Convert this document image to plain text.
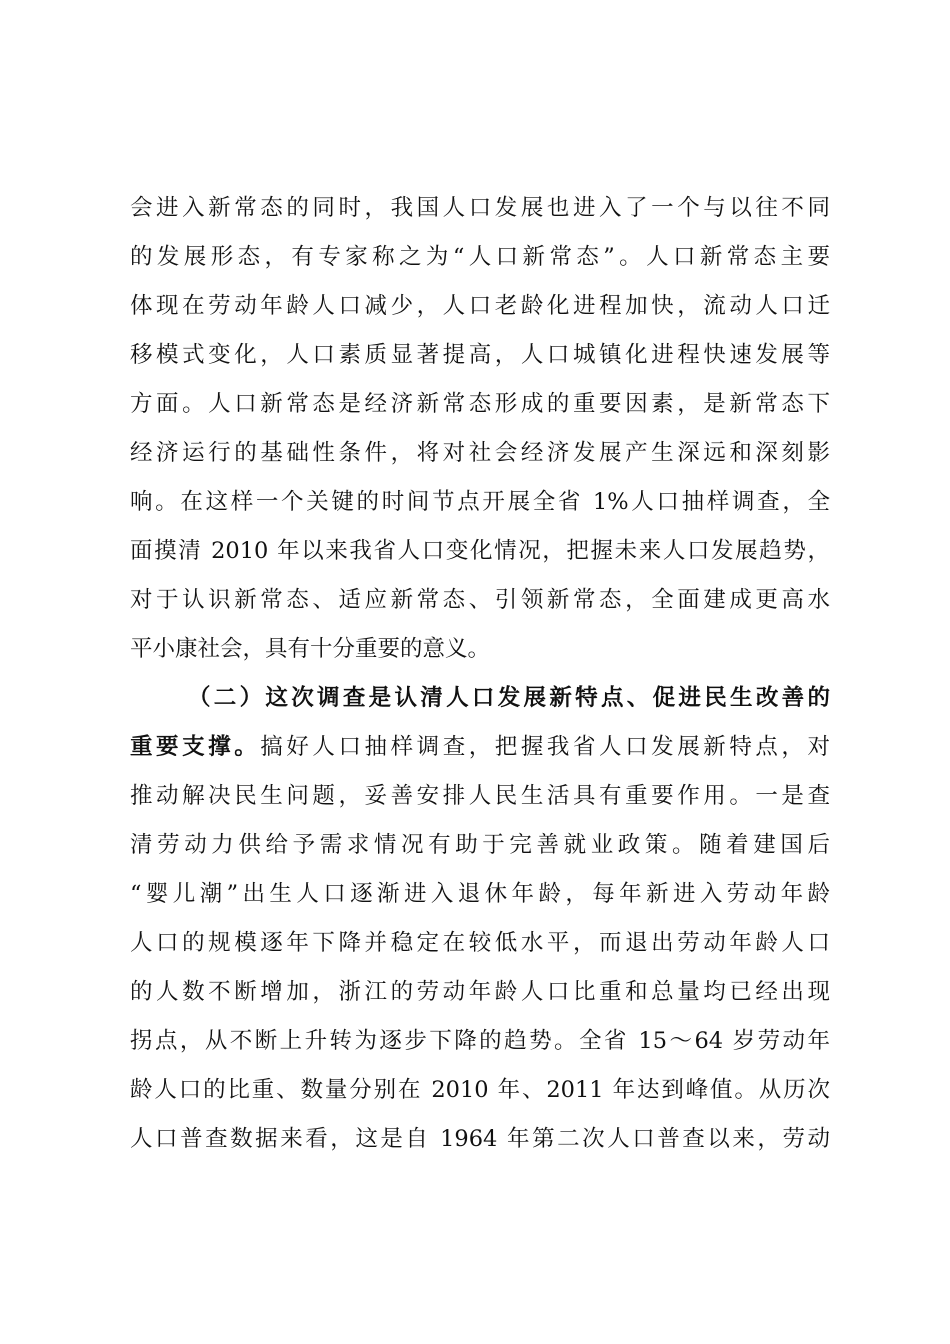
会进入新常态的同时，我国人口发展也进入了一个与以往不同
的发展形态，有专家称之为“人口新常态”。人口新常态主要
体现在劳动年龄人口减少，人口老龄化进程加快，流动人口迁
移模式变化，人口素质显著提高，人口城镇化进程快速发展等
方面。人口新常态是经济新常态形成的重要因素，是新常态下
经济运行的基础性条件，将对社会经济发展产生深远和深刻影
响。在这样一个关键的时间节点开展全省 1%人口抽样调查，全
面摸清 2010 年以来我省人口变化情况，把握未来人口发展趋势，
对于认识新常态、适应新常态、引领新常态，全面建成更高水
平小康社会，具有十分重要的意义。
（二）这次调查是认清人口发展新特点、促进民生改善的
重要支撑。搞好人口抽样调查，把握我省人口发展新特点，对
推动解决民生问题，妥善安排人民生活具有重要作用。一是查
清劳动力供给予需求情况有助于完善就业政策。随着建国后
“婴儿潮”出生人口逐渐进入退休年龄，每年新进入劳动年龄
人口的规模逐年下降并稳定在较低水平，而退出劳动年龄人口
的人数不断增加，浙江的劳动年龄人口比重和总量均已经出现
拐点，从不断上升转为逐步下降的趋势。全省 15～64 岁劳动年
龄人口的比重、数量分别在 2010 年、2011 年达到峰值。从历次
人口普查数据来看，这是自 1964 年第二次人口普查以来，劳动
